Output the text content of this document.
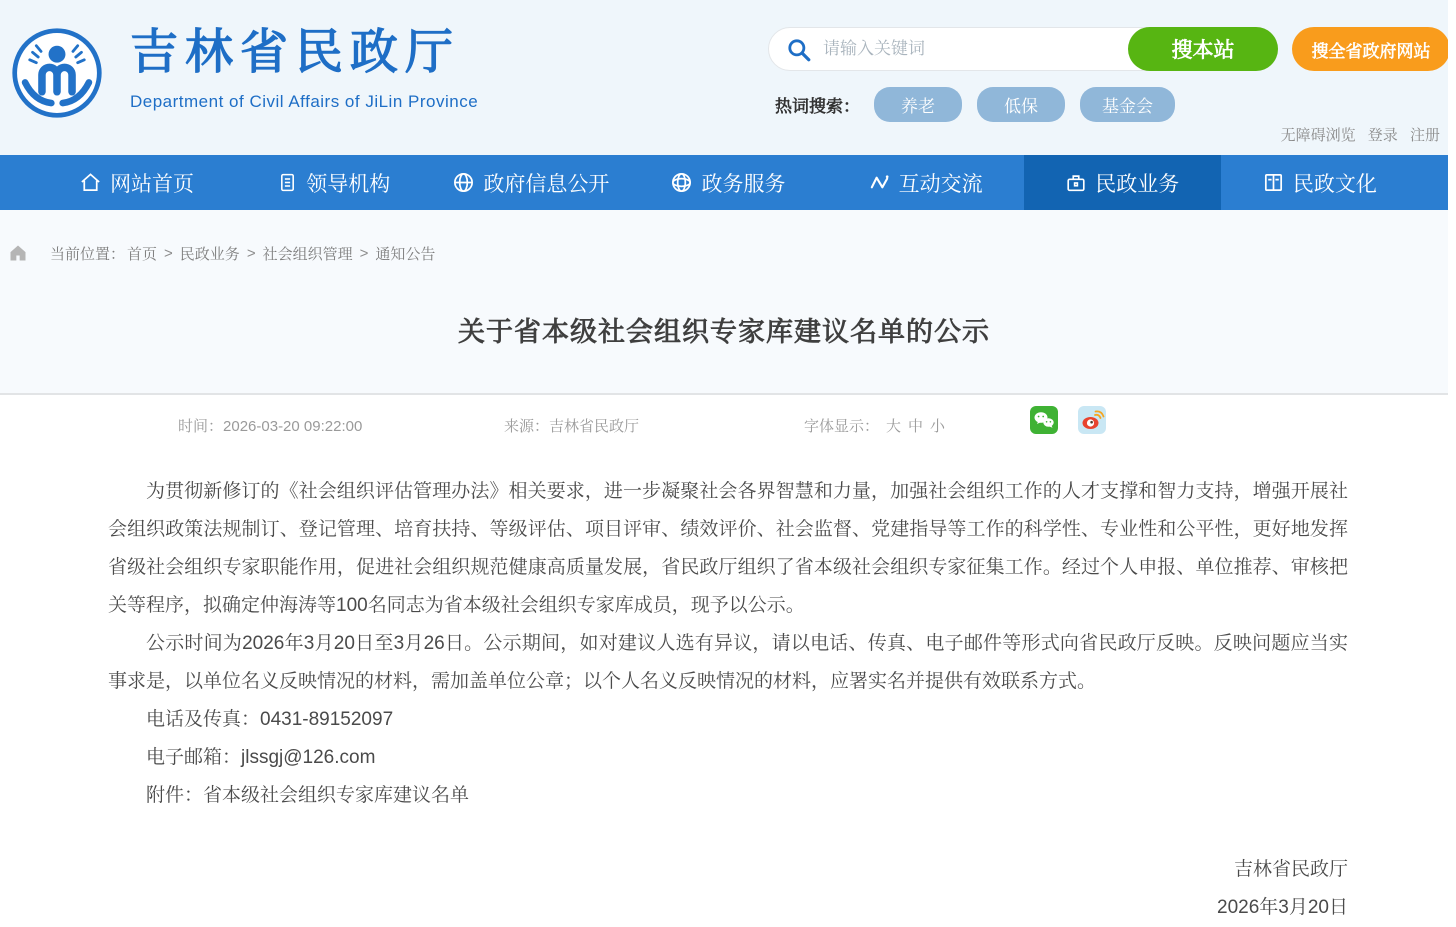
吉林省民政厅
Department of Civil Affairs of JiLin Province
请输入关键词
搜本站	搜全省政府网站
热词搜索：	养老	低保	基金会
无障碍浏览 登录 注册
网站首页	领导机构	政府信息公开	政务服务	互动交流	民政业务	民政文化
当前位置： 首页 > 民政业务 > 社会组织管理 > 通知公告
关于省本级社会组织专家库建议名单的公示
时间：2026-03-20 09:22:00	来源：吉林省民政厅	字体显示： 大 中 小

为贯彻新修订的《社会组织评估管理办法》相关要求，进一步凝聚社会各界智慧和力量，加强社会组织工作的人才支撑和智力支持，增强开展社会组织政策法规制订、登记管理、培育扶持、等级评估、项目评审、绩效评价、社会监督、党建指导等工作的科学性、专业性和公平性，更好地发挥省级社会组织专家职能作用，促进社会组织规范健康高质量发展，省民政厅组织了省本级社会组织专家征集工作。经过个人申报、单位推荐、审核把关等程序，拟确定仲海涛等100名同志为省本级社会组织专家库成员，现予以公示。

公示时间为2026年3月20日至3月26日。公示期间，如对建议人选有异议，请以电话、传真、电子邮件等形式向省民政厅反映。反映问题应当实事求是，以单位名义反映情况的材料，需加盖单位公章；以个人名义反映情况的材料，应署实名并提供有效联系方式。

电话及传真：0431-89152097

电子邮箱：jlssgj@126.com

附件：省本级社会组织专家库建议名单

吉林省民政厅
2026年3月20日
